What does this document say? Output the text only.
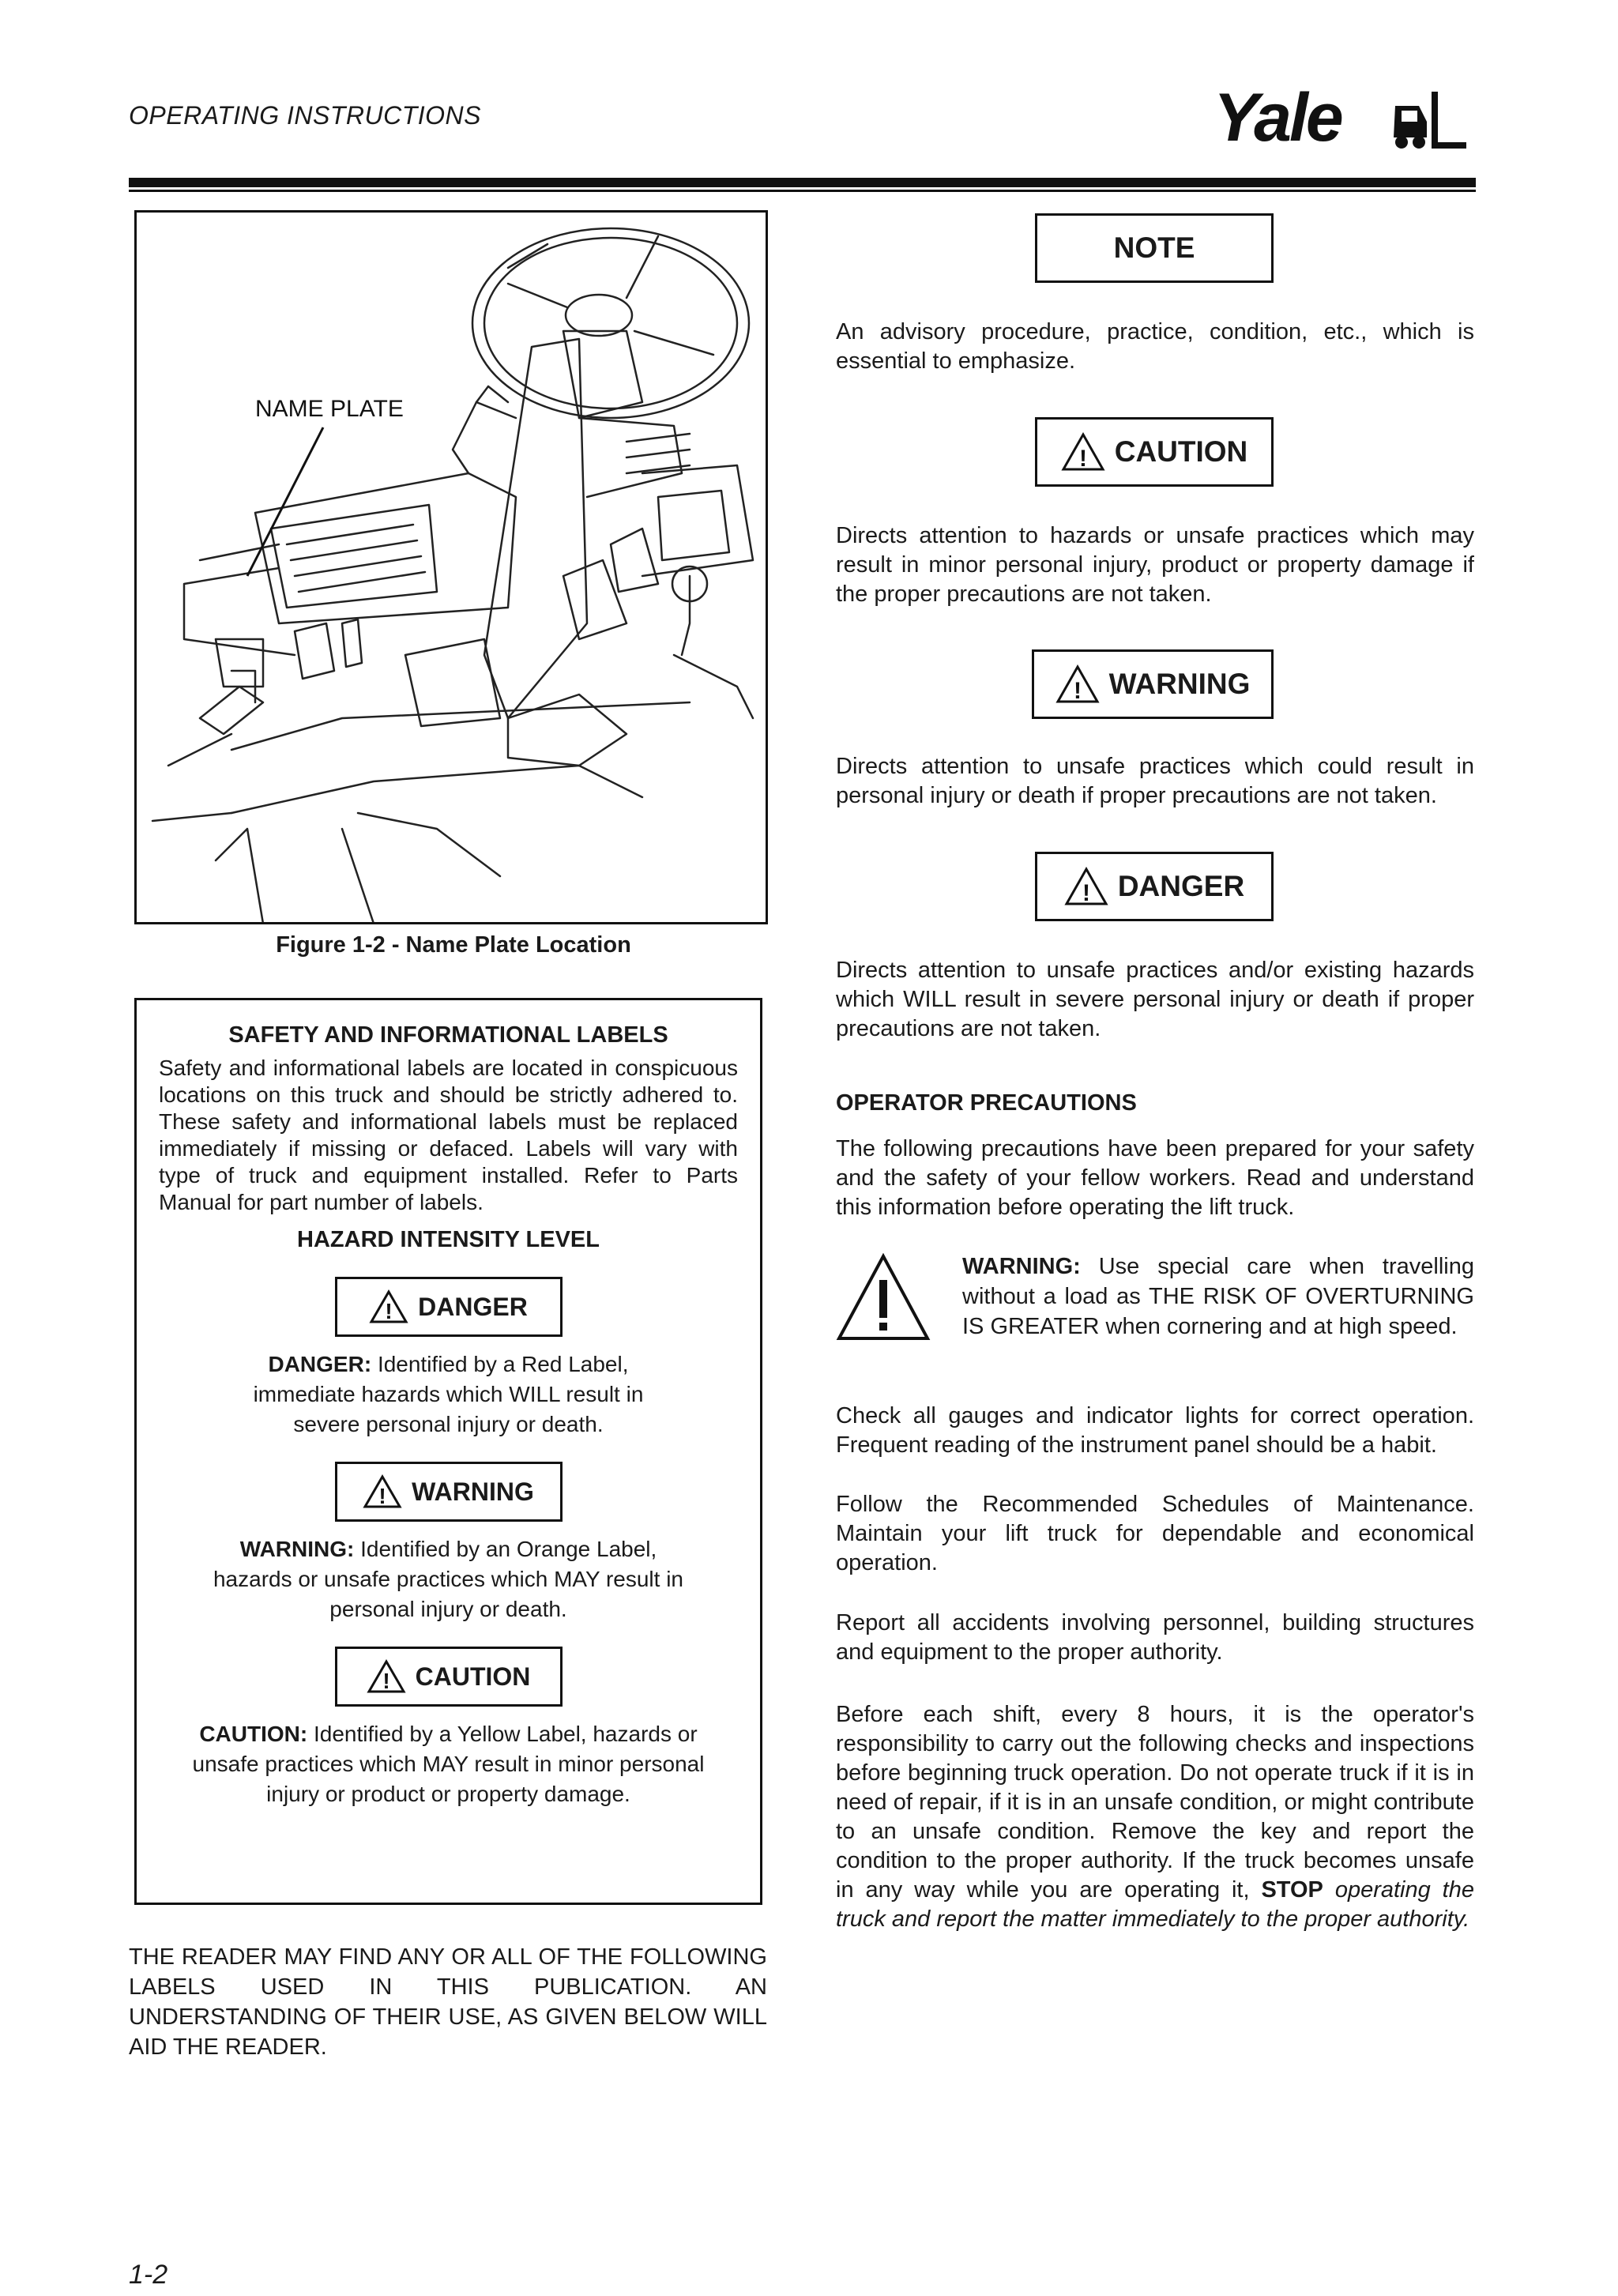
OPERATING INSTRUCTIONS	Yale
NAME PLATE
Figure 1-2 - Name Plate Location

SAFETY AND INFORMATIONAL LABELS

Safety and informational labels are located in conspicuous locations on this truck and should be strictly adhered to. These safety and informational labels must be replaced immediately if missing or defaced. Labels will vary with type of truck and equipment installed. Refer to Parts Manual for part number of labels.

HAZARD INTENSITY LEVEL

! DANGER
DANGER: Identified by a Red Label,
immediate hazards which WILL result in
severe personal injury or death.
! WARNING
WARNING: Identified by an Orange Label,
hazards or unsafe practices which MAY result in
personal injury or death.
! CAUTION
CAUTION: Identified by a Yellow Label, hazards or
unsafe practices which MAY result in minor personal
injury or product or property damage.
THE READER MAY FIND ANY OR ALL OF THE FOLLOWING LABELS USED IN THIS PUBLICATION. AN UNDERSTANDING OF THEIR USE, AS GIVEN BELOW WILL AID THE READER.
NOTE
An advisory procedure, practice, condition, etc., which is essential to emphasize.
! CAUTION
Directs attention to hazards or unsafe practices which may result in minor personal injury, product or property damage if the proper precautions are not taken.
! WARNING
Directs attention to unsafe practices which could result in personal injury or death if proper precautions are not taken.
! DANGER
Directs attention to unsafe practices and/or existing hazards which WILL result in severe personal injury or death if proper precautions are not taken.
OPERATOR PRECAUTIONS
The following precautions have been prepared for your safety and the safety of your fellow workers. Read and understand this information before operating the lift truck.
WARNING: Use special care when travelling without a load as THE RISK OF OVERTURNING IS GREATER when cornering and at high speed.
Check all gauges and indicator lights for correct operation. Frequent reading of the instrument panel should be a habit.
Follow the Recommended Schedules of Maintenance. Maintain your lift truck for dependable and economical operation.
Report all accidents involving personnel, building structures and equipment to the proper authority.
Before each shift, every 8 hours, it is the operator's responsibility to carry out the following checks and inspections before beginning truck operation. Do not operate truck if it is in need of repair, if it is in an unsafe condition, or might contribute to an unsafe condition. Remove the key and report the condition to the proper authority. If the truck becomes unsafe in any way while you are operating it, STOP operating the truck and report the matter immediately to the proper authority.
1-2
